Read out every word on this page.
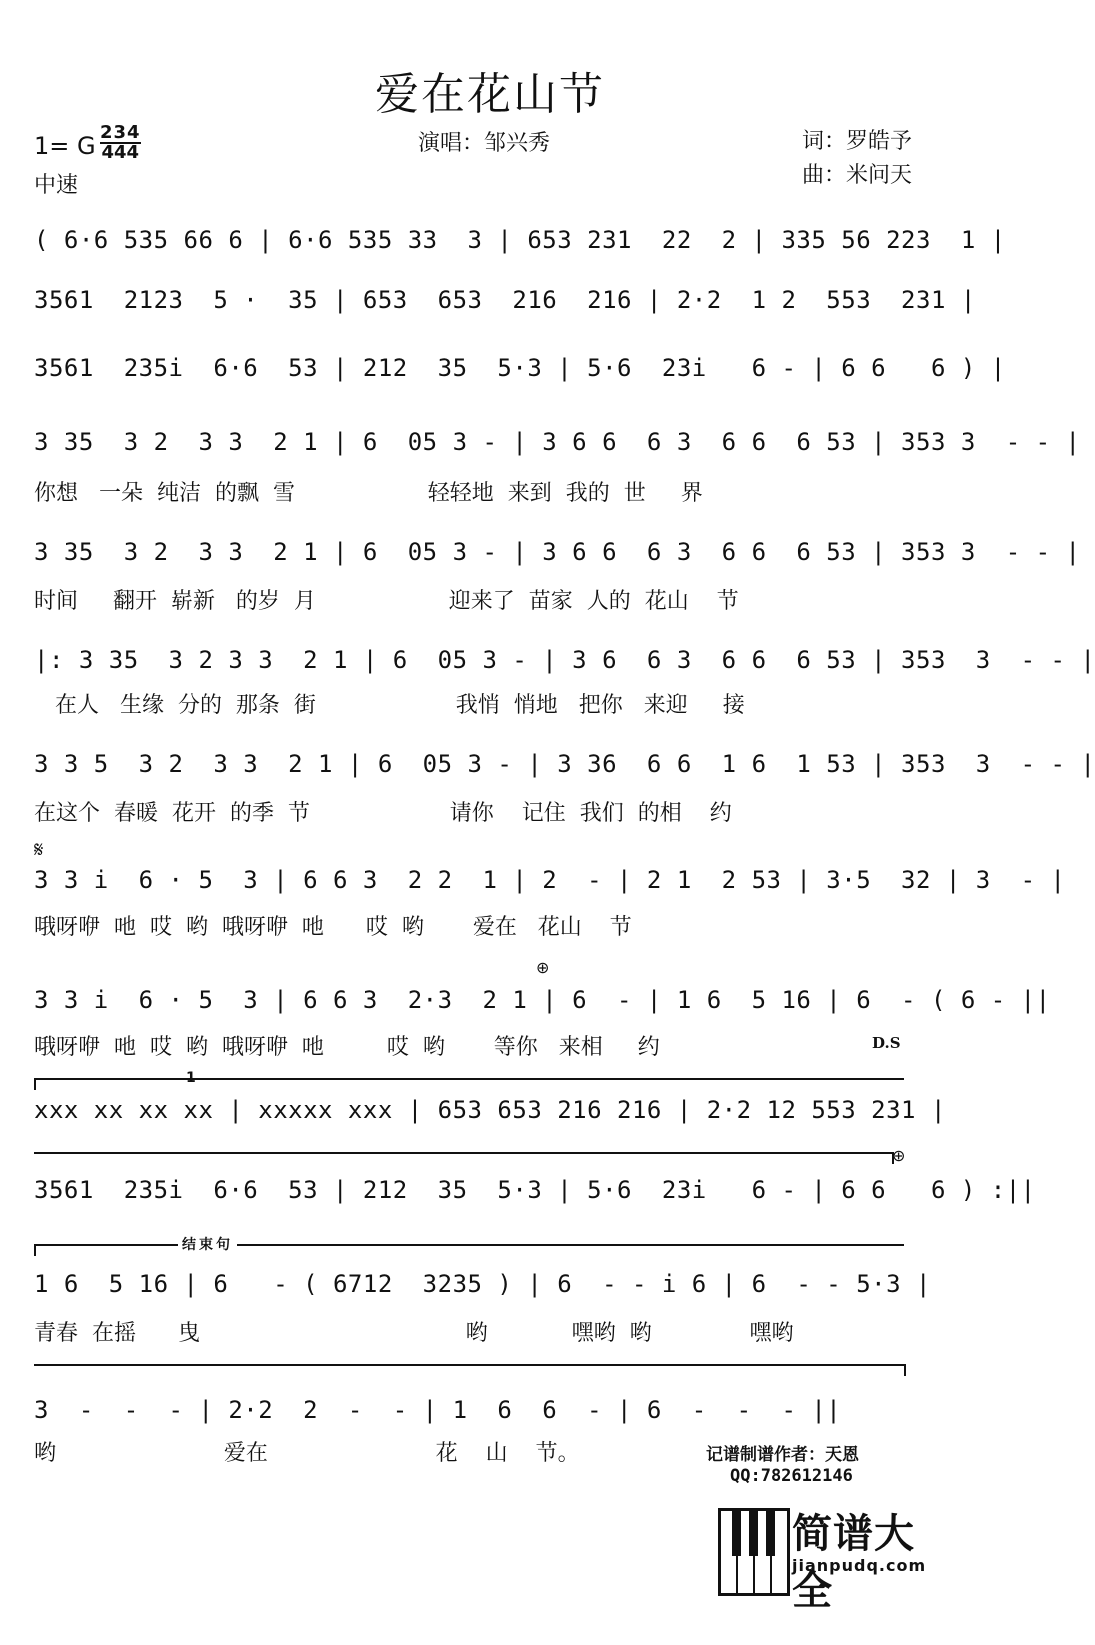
爱在花山节
1= G 234
444
中速
演唱：邹兴秀	词：罗皓予
曲：米问天
( 6·6 535 66 6 | 6·6 535 33  3 | 653 231  22  2 | 335 56 223  1 |
3561  2123  5 ·  35 | 653  653  216  216 | 2·2  1 2  553  231 |
3561  235i  6·6  53 | 212  35  5·3 | 5·6  23i   6 - | 6 6   6 ) |
3 35  3 2  3 3  2 1 | 6  05 3 - | 3 6 6  6 3  6 6  6 53 | 353 3  - - |
你想   一朵  纯洁  的飘  雪                   轻轻地  来到  我的  世     界
3 35  3 2  3 3  2 1 | 6  05 3 - | 3 6 6  6 3  6 6  6 53 | 353 3  - - |
时间     翻开  崭新   的岁  月                   迎来了  苗家  人的  花山    节
|: 3 35  3 2 3 3  2 1 | 6  05 3 - | 3 6  6 3  6 6  6 53 | 353  3  - - |
在人   生缘  分的  那条  街                    我悄  悄地   把你   来迎     接
3 3 5  3 2  3 3  2 1 | 6  05 3 - | 3 36  6 6  1 6  1 53 | 353  3  - - |
在这个  春暖  花开  的季  节                    请你    记住  我们  的相    约
𝄋
3 3 i  6 · 5  3 | 6 6 3  2 2  1 | 2  - | 2 1  2 53 | 3·5  32 | 3  - |
哦呀咿  吔  哎  哟  哦呀咿  吔      哎  哟       爱在   花山    节
⊕
3 3 i  6 · 5  3 | 6 6 3  2·3  2 1 | 6  - | 1 6  5 16 | 6  - ( 6 - ||
哦呀咿  吔  哎  哟  哦呀咿  吔         哎  哟       等你   来相     约	D.S
1
xxx xx xx xx | xxxxx xxx | 653 653 216 216 | 2·2 12 553 231 |
⊕
3561  235i  6·6  53 | 212  35  5·3 | 5·6  23i   6 - | 6 6   6 ) :||
结束句
1 6  5 16 | 6   - ( 6712  3235 ) | 6  - - i 6 | 6  - - 5·3 |
青春  在摇      曳                                      哟            嘿哟  哟              嘿哟
3  -  -  - | 2·2  2  -  - | 1  6  6  - | 6  -  -  - ||
哟                        爱在                        花    山    节。	记谱制谱作者：天恩
QQ:782612146
简谱大全
jianpudq.com
